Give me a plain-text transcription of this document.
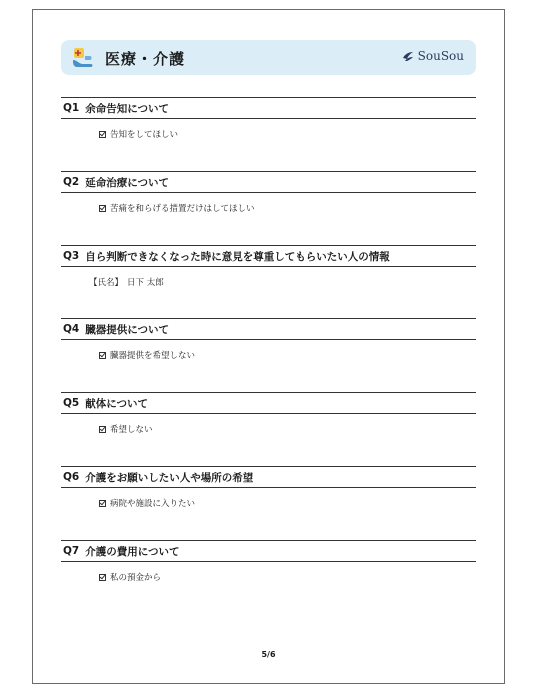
医療・介護	SouSou
Q1 余命告知について
告知をしてほしい
Q2 延命治療について
苦痛を和らげる措置だけはしてほしい
Q3 自ら判断できなくなった時に意見を尊重してもらいたい人の情報
【氏名】 日下 太郎
Q4 臓器提供について
臓器提供を希望しない
Q5 献体について
希望しない
Q6 介護をお願いしたい人や場所の希望
病院や施設に入りたい
Q7 介護の費用について
私の預金から
5/6
